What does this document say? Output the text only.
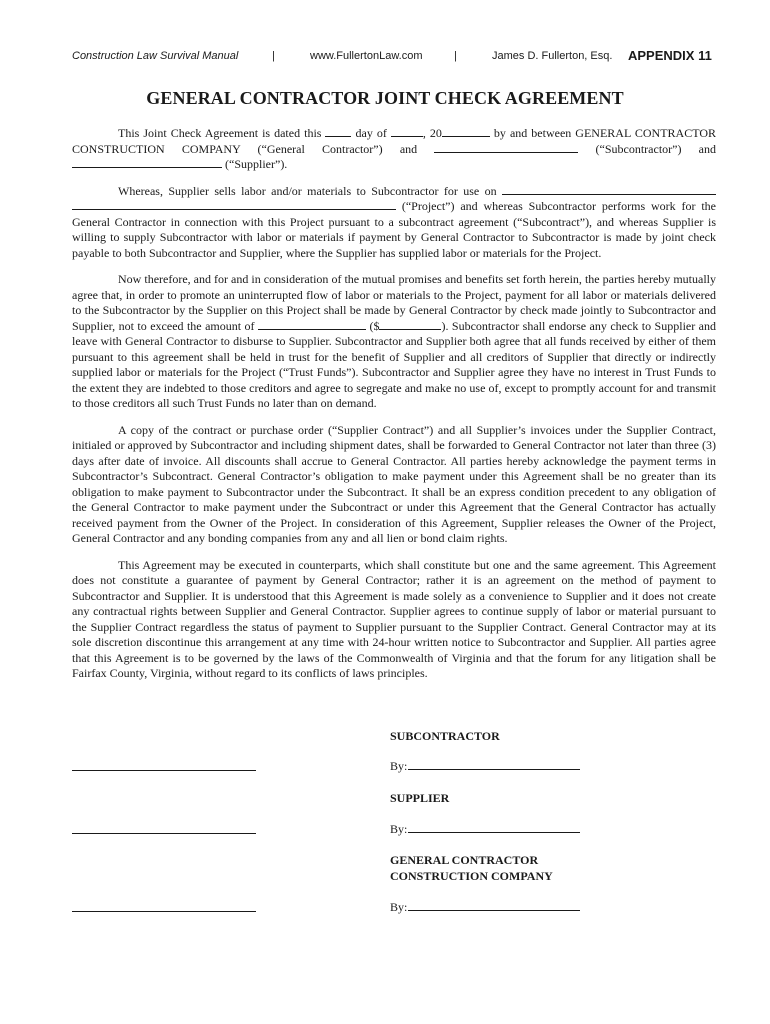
Construction Law Survival Manual	|	www.FullertonLaw.com	|	James D. Fullerton, Esq. APPENDIX 11
GENERAL CONTRACTOR JOINT CHECK AGREEMENT

This Joint Check Agreement is dated this  day of	, 20	by and between GENERAL CONTRACTOR CONSTRUCTION COMPANY (“General Contractor”) and	(“Subcontractor”) and  (“Supplier”).

Whereas, Supplier sells labor and/or materials to Subcontractor for use on   (“Project”) and whereas Subcontractor performs work for the General Contractor in connection with this Project pursuant to a subcontract agreement (“Subcontract”), and whereas Supplier is willing to supply Subcontractor with labor or materials if payment by General Contractor to Subcontractor is made by joint check payable to both Subcontractor and Supplier, where the Supplier has supplied labor or materials for the Project.

Now therefore, and for and in consideration of the mutual promises and benefits set forth herein, the parties hereby mutually agree that, in order to promote an uninterrupted flow of labor or materials to the Project, payment for all labor or materials delivered to the Subcontractor by the Supplier on this Project shall be made by General Contractor by check made jointly to Subcontractor and Supplier, not to exceed the amount of	($	). Subcontractor shall endorse any check to Supplier and leave with General Contractor to disburse to Supplier. Subcontractor and Supplier both agree that all funds received by either of them pursuant to this agreement shall be held in trust for the benefit of Supplier and all creditors of Supplier that directly or indirectly supplied labor or materials for the Project (“Trust Funds”). Subcontractor and Supplier agree they have no interest in Trust Funds to the extent they are indebted to those creditors and agree to segregate and make no use of, except to promptly account for and transmit to those creditors all such Trust Funds no later than on demand.

A copy of the contract or purchase order (“Supplier Contract”) and all Supplier’s invoices under the Supplier Contract, initialed or approved by Subcontractor and including shipment dates, shall be forwarded to General Contractor not later than three (3) days after date of invoice. All discounts shall accrue to General Contractor. All parties hereby acknowledge the payment terms in Subcontractor’s Subcontract. General Contractor’s obligation to make payment under this Agreement shall be no greater than its obligation to make payment to Subcontractor under the Subcontract. It shall be an express condition precedent to any obligation of the General Contractor to make payment under the Subcontract or under this Agreement that the General Contractor has actually received payment from the Owner of the Project. In consideration of this Agreement, Supplier releases the Owner of the Project, General Contractor and any bonding companies from any and all lien or bond claim rights.

This Agreement may be executed in counterparts, which shall constitute but one and the same agreement. This Agreement does not constitute a guarantee of payment by General Contractor; rather it is an agreement on the method of payment to Subcontractor and Supplier. It is understood that this Agreement is made solely as a convenience to Supplier and it does not create any contractual rights between Supplier and General Contractor. Supplier agrees to continue supply of labor or material pursuant to the Supplier Contract regardless the status of payment to Supplier pursuant to the Supplier Contract. General Contractor may at its sole discretion discontinue this arrangement at any time with 24-hour written notice to Subcontractor and Supplier. All parties agree that this Agreement is to be governed by the laws of the Commonwealth of Virginia and that the forum for any litigation shall be Fairfax County, Virginia, without regard to its conflicts of laws principles.

SUBCONTRACTOR
By:
SUPPLIER
By:
GENERAL CONTRACTOR
CONSTRUCTION COMPANY
By:
